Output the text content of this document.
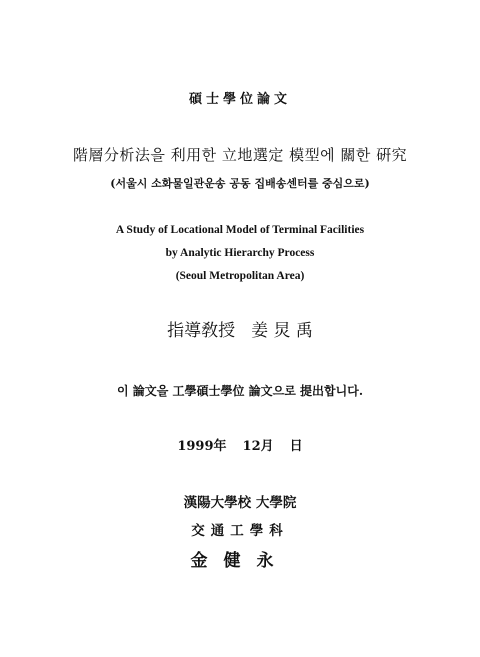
碩士學位論文
階層分析法을 利用한 立地選定 模型에 關한 硏究
(서울시 소화물일관운송 공동 집배송센터를 중심으로)
A Study of Locational Model of Terminal Facilities
by Analytic Hierarchy Process
(Seoul Metropolitan Area)
指導敎授 姜 炅 禹
이 論文을 工學碩士學位 論文으로 提出합니다.
1999年 12月 日
漢陽大學校 大學院
交通工學科
金健永
